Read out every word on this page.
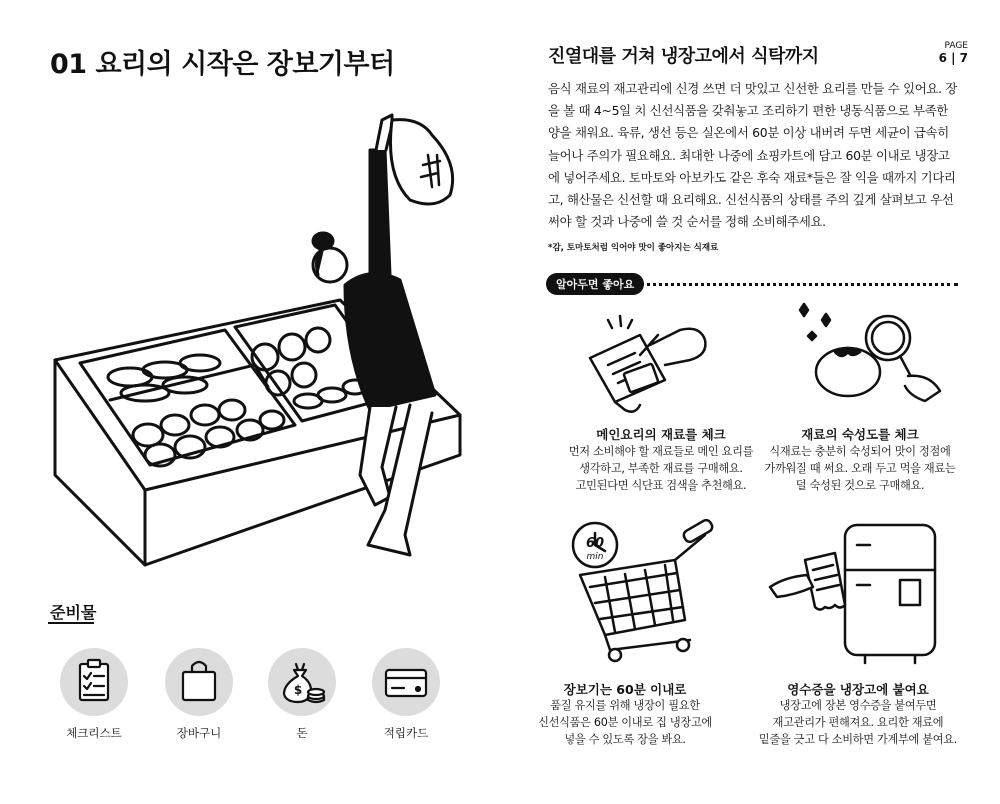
01 요리의 시작은 장보기부터	진열대를 거쳐 냉장고에서 식탁까지	PAGE
6 | 7
음식 재료의 재고관리에 신경 쓰면 더 맛있고 신선한 요리를 만들 수 있어요. 장을 볼 때 4~5일 치 신선식품을 갖춰놓고 조리하기 편한 냉동식품으로 부족한 양을 채워요. 육류, 생선 등은 실온에서 60분 이상 내버려 두면 세균이 급속히 늘어나 주의가 필요해요. 최대한 나중에 쇼핑카트에 담고 60분 이내로 냉장고에 넣어주세요. 토마토와 아보카도 같은 후숙 재료*들은 잘 익을 때까지 기다리고, 해산물은 신선할 때 요리해요. 신선식품의 상태를 주의 깊게 살펴보고 우선 써야 할 것과 나중에 쓸 것 순서를 정해 소비해주세요.
*감, 토마토처럼 익어야 맛이 좋아지는 식재료
알아두면 좋아요
60
min
메인요리의 재료를 체크
먼저 소비해야 할 재료들로 메인 요리를
생각하고, 부족한 재료를 구매해요.
고민된다면 식단표 검색을 추천해요.
재료의 숙성도를 체크
식재료는 충분히 숙성되어 맛이 정점에
가까워질 때 써요. 오래 두고 먹을 재료는
덜 숙성된 것으로 구매해요.
장보기는 60분 이내로
품질 유지를 위해 냉장이 필요한
신선식품은 60분 이내로 집 냉장고에
넣을 수 있도록 장을 봐요.
영수증을 냉장고에 붙여요
냉장고에 장본 영수증을 붙여두면
재고관리가 편해져요. 요리한 재료에
밑줄을 긋고 다 소비하면 가계부에 붙여요.
준비물
체크리스트	장바구니
$
돈	적립카드
